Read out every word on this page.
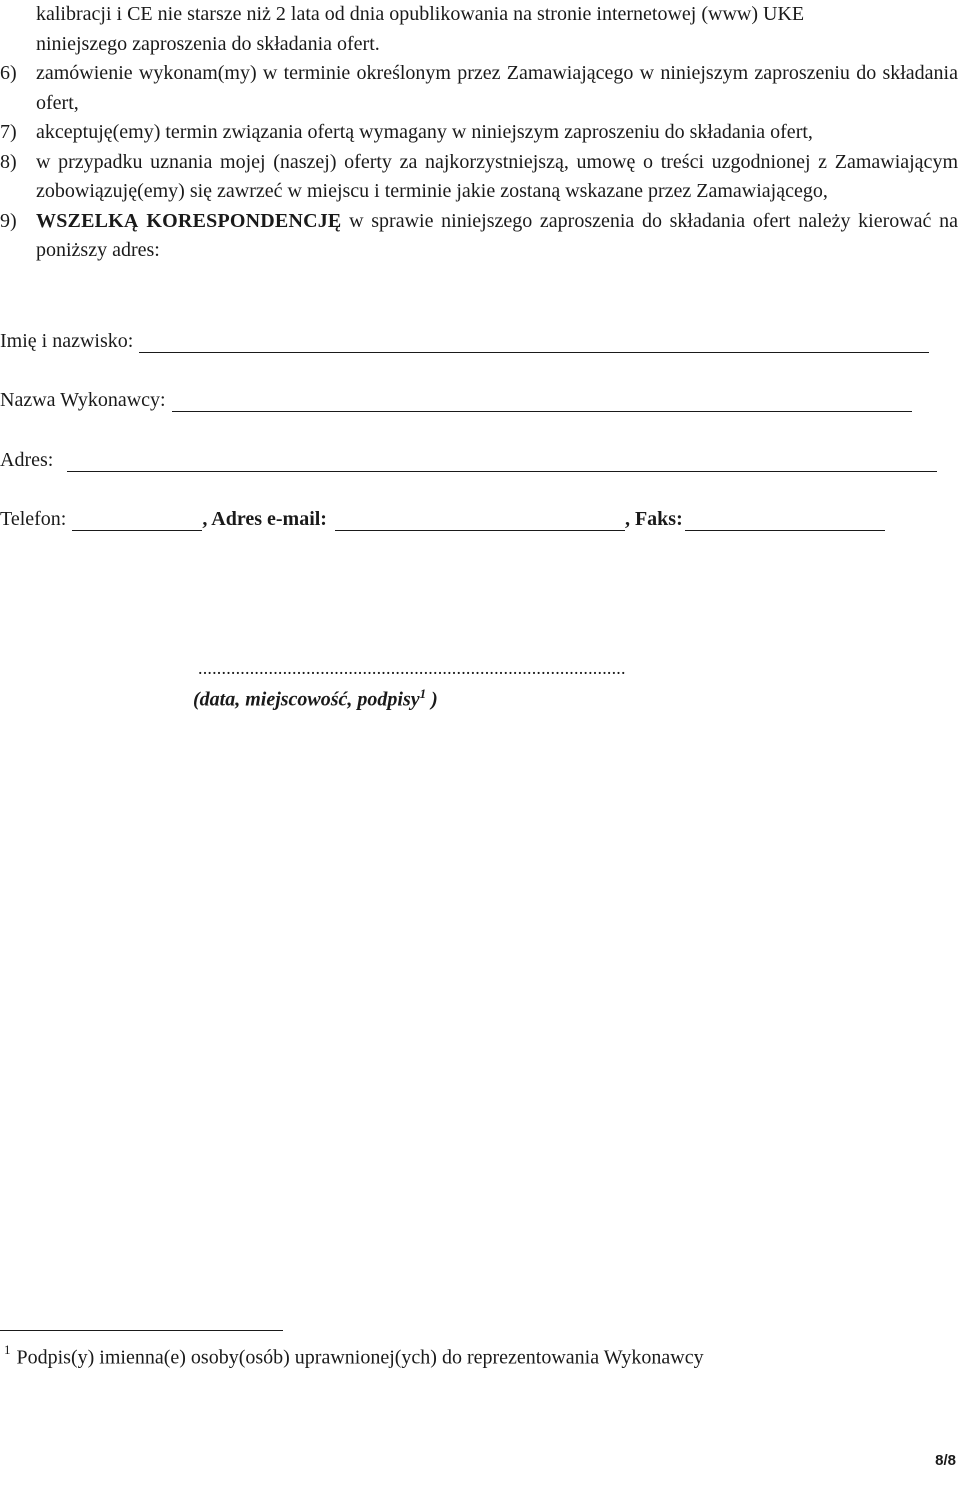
kalibracji i CE nie starsze niż 2 lata od dnia opublikowania na stronie internetowej (www) UKE
niniejszego zaproszenia do składania ofert.
6) zamówienie wykonam(my) w terminie określonym przez Zamawiającego w niniejszym zaproszeniu do składania ofert,
7) akceptuję(emy) termin związania ofertą wymagany w niniejszym zaproszeniu do składania ofert,
8) w przypadku uznania mojej (naszej) oferty za najkorzystniejszą, umowę o treści uzgodnionej z Zamawiającym zobowiązuję(emy) się zawrzeć w miejscu i terminie jakie zostaną wskazane przez Zamawiającego,
9) WSZELKĄ KORESPONDENCJĘ w sprawie niniejszego zaproszenia do składania ofert należy kierować na poniższy adres:
Imię i nazwisko:
Nazwa Wykonawcy:
Adres:
Telefon:	, Adres e-mail:	, Faks:
...........................................................................................
(data, miejscowość, podpisy$^1$ )
$^1$ Podpis(y) imienna(e) osoby(osób) uprawnionej(ych) do reprezentowania Wykonawcy
8/8
